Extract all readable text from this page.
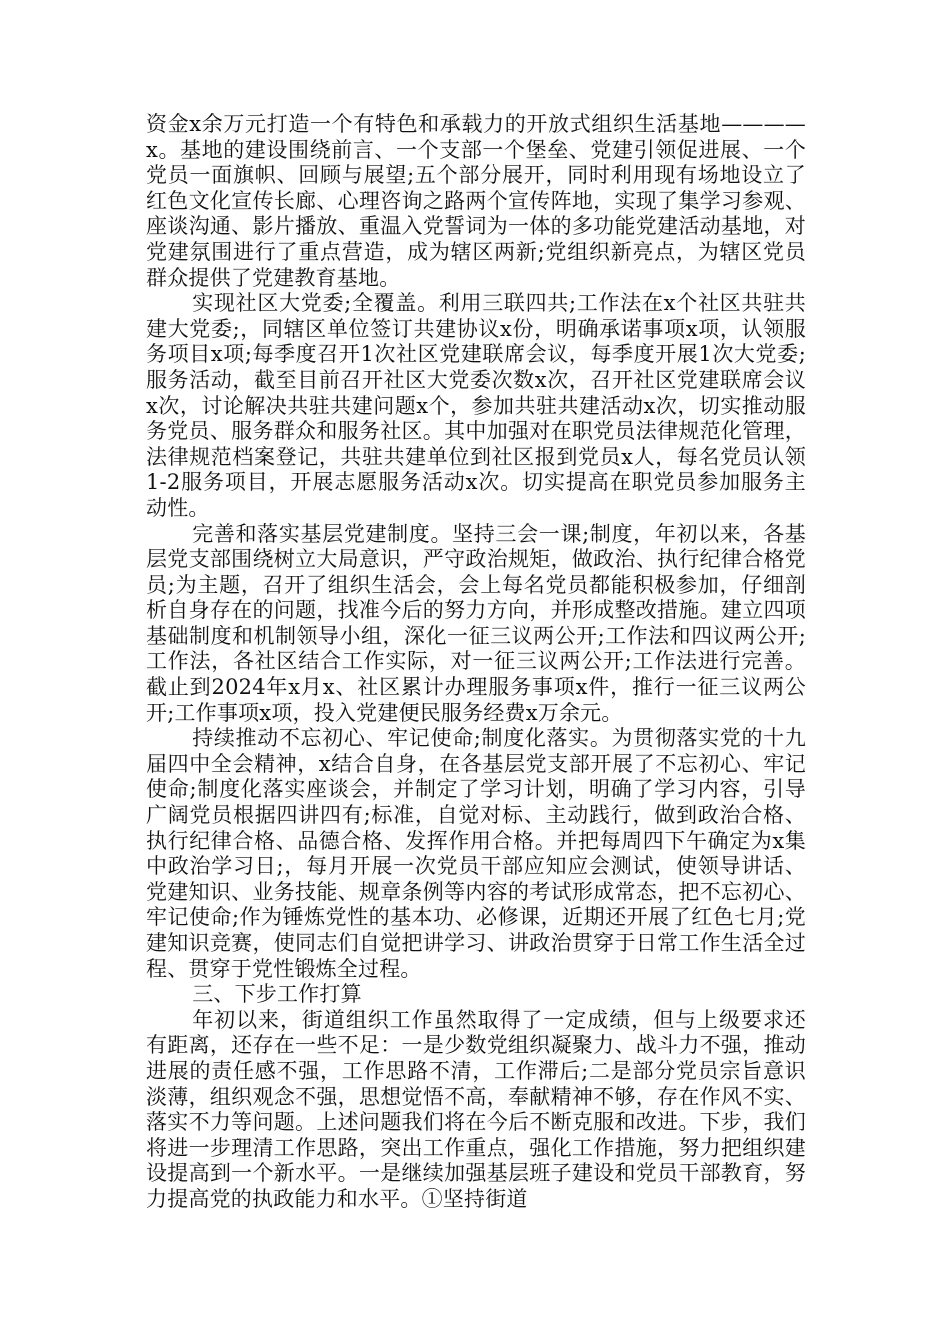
资金x余万元打造一个有特色和承载力的开放式组织生活基地————x。基地的建设围绕前言、一个支部一个堡垒、党建引领促进展、一个党员一面旗帜、回顾与展望;五个部分展开，同时利用现有场地设立了红色文化宣传长廊、心理咨询之路两个宣传阵地，实现了集学习参观、座谈沟通、影片播放、重温入党誓词为一体的多功能党建活动基地，对党建氛围进行了重点营造，成为辖区两新;党组织新亮点，为辖区党员群众提供了党建教育基地。

实现社区大党委;全覆盖。利用三联四共;工作法在x个社区共驻共建大党委;，同辖区单位签订共建协议x份，明确承诺事项x项，认领服务项目x项;每季度召开1次社区党建联席会议，每季度开展1次大党委;服务活动，截至目前召开社区大党委次数x次，召开社区党建联席会议x次，讨论解决共驻共建问题x个，参加共驻共建活动x次，切实推动服务党员、服务群众和服务社区。其中加强对在职党员法律规范化管理，法律规范档案登记，共驻共建单位到社区报到党员x人，每名党员认领1-2服务项目，开展志愿服务活动x次。切实提高在职党员参加服务主动性。

完善和落实基层党建制度。坚持三会一课;制度，年初以来，各基层党支部围绕树立大局意识，严守政治规矩，做政治、执行纪律合格党员;为主题，召开了组织生活会，会上每名党员都能积极参加，仔细剖析自身存在的问题，找准今后的努力方向，并形成整改措施。建立四项基础制度和机制领导小组，深化一征三议两公开;工作法和四议两公开;工作法，各社区结合工作实际，对一征三议两公开;工作法进行完善。截止到2024年x月x、社区累计办理服务事项x件，推行一征三议两公开;工作事项x项，投入党建便民服务经费x万余元。

持续推动不忘初心、牢记使命;制度化落实。为贯彻落实党的十九届四中全会精神，x结合自身，在各基层党支部开展了不忘初心、牢记使命;制度化落实座谈会，并制定了学习计划，明确了学习内容，引导广阔党员根据四讲四有;标准，自觉对标、主动践行，做到政治合格、执行纪律合格、品德合格、发挥作用合格。并把每周四下午确定为x集中政治学习日;，每月开展一次党员干部应知应会测试，使领导讲话、党建知识、业务技能、规章条例等内容的考试形成常态，把不忘初心、牢记使命;作为锤炼党性的基本功、必修课，近期还开展了红色七月;党建知识竞赛，使同志们自觉把讲学习、讲政治贯穿于日常工作生活全过程、贯穿于党性锻炼全过程。

三、下步工作打算

年初以来，街道组织工作虽然取得了一定成绩，但与上级要求还有距离，还存在一些不足：一是少数党组织凝聚力、战斗力不强，推动进展的责任感不强，工作思路不清，工作滞后;二是部分党员宗旨意识淡薄，组织观念不强，思想觉悟不高，奉献精神不够，存在作风不实、落实不力等问题。上述问题我们将在今后不断克服和改进。下步，我们将进一步理清工作思路，突出工作重点，强化工作措施，努力把组织建设提高到一个新水平。一是继续加强基层班子建设和党员干部教育，努力提高党的执政能力和水平。①坚持街道
